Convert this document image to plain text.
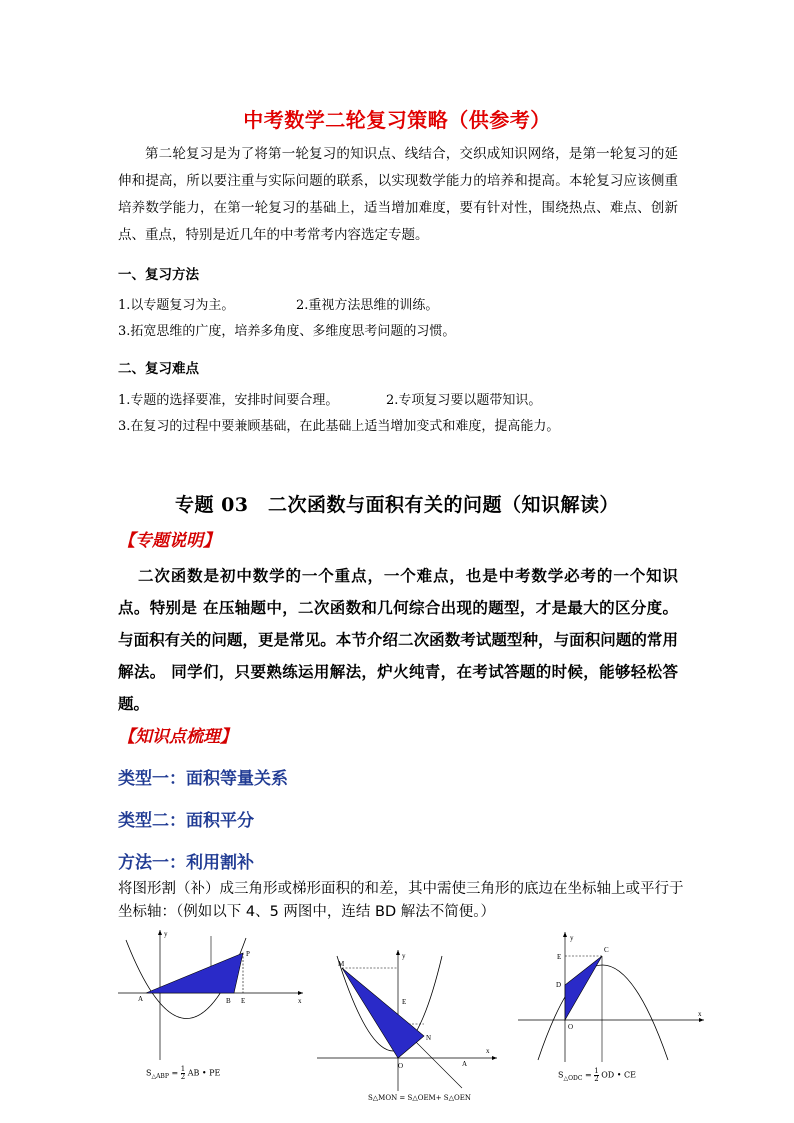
中考数学二轮复习策略（供参考）
第二轮复习是为了将第一轮复习的知识点、线结合，交织成知识网络，是第一轮复习的延伸和提高，所以要注重与实际问题的联系，以实现数学能力的培养和提高。本轮复习应该侧重培养数学能力，在第一轮复习的基础上，适当增加难度，要有针对性，围绕热点、难点、创新点、重点，特别是近几年的中考常考内容选定专题。
一、复习方法
1.以专题复习为主。	2.重视方法思维的训练。
3.拓宽思维的广度，培养多角度、多维度思考问题的习惯。
二、复习难点
1.专题的选择要准，安排时间要合理。	2.专项复习要以题带知识。
3.在复习的过程中要兼顾基础，在此基础上适当增加变式和难度，提高能力。
专题 03　二次函数与面积有关的问题（知识解读）
【专题说明】
二次函数是初中数学的一个重点，一个难点，也是中考数学必考的一个知识点。特别是 在压轴题中，二次函数和几何综合出现的题型，才是最大的区分度。与面积有关的问题，更是常见。本节介绍二次函数考试题型种，与面积问题的常用解法。 同学们，只要熟练运用解法，炉火纯青，在考试答题的时候，能够轻松答题。
【知识点梳理】
类型一：面积等量关系
类型二：面积平分
方法一：利用割补
将图形割（补）成三角形或梯形面积的和差，其中需使三角形的底边在坐标轴上或平行于坐标轴：（例如以下 4、5 两图中，连结 BD 解法不简便。）
y
x
A	B E
P
$S_{\triangle ABP} = \frac{1}{2}$ AB • PE
y
x
M
E
N
O	A
S△MON = S△OEM+ S△OEN
y
x
C
E
D
O
$S_{\triangle ODC} = \frac{1}{2}$ OD • CE
